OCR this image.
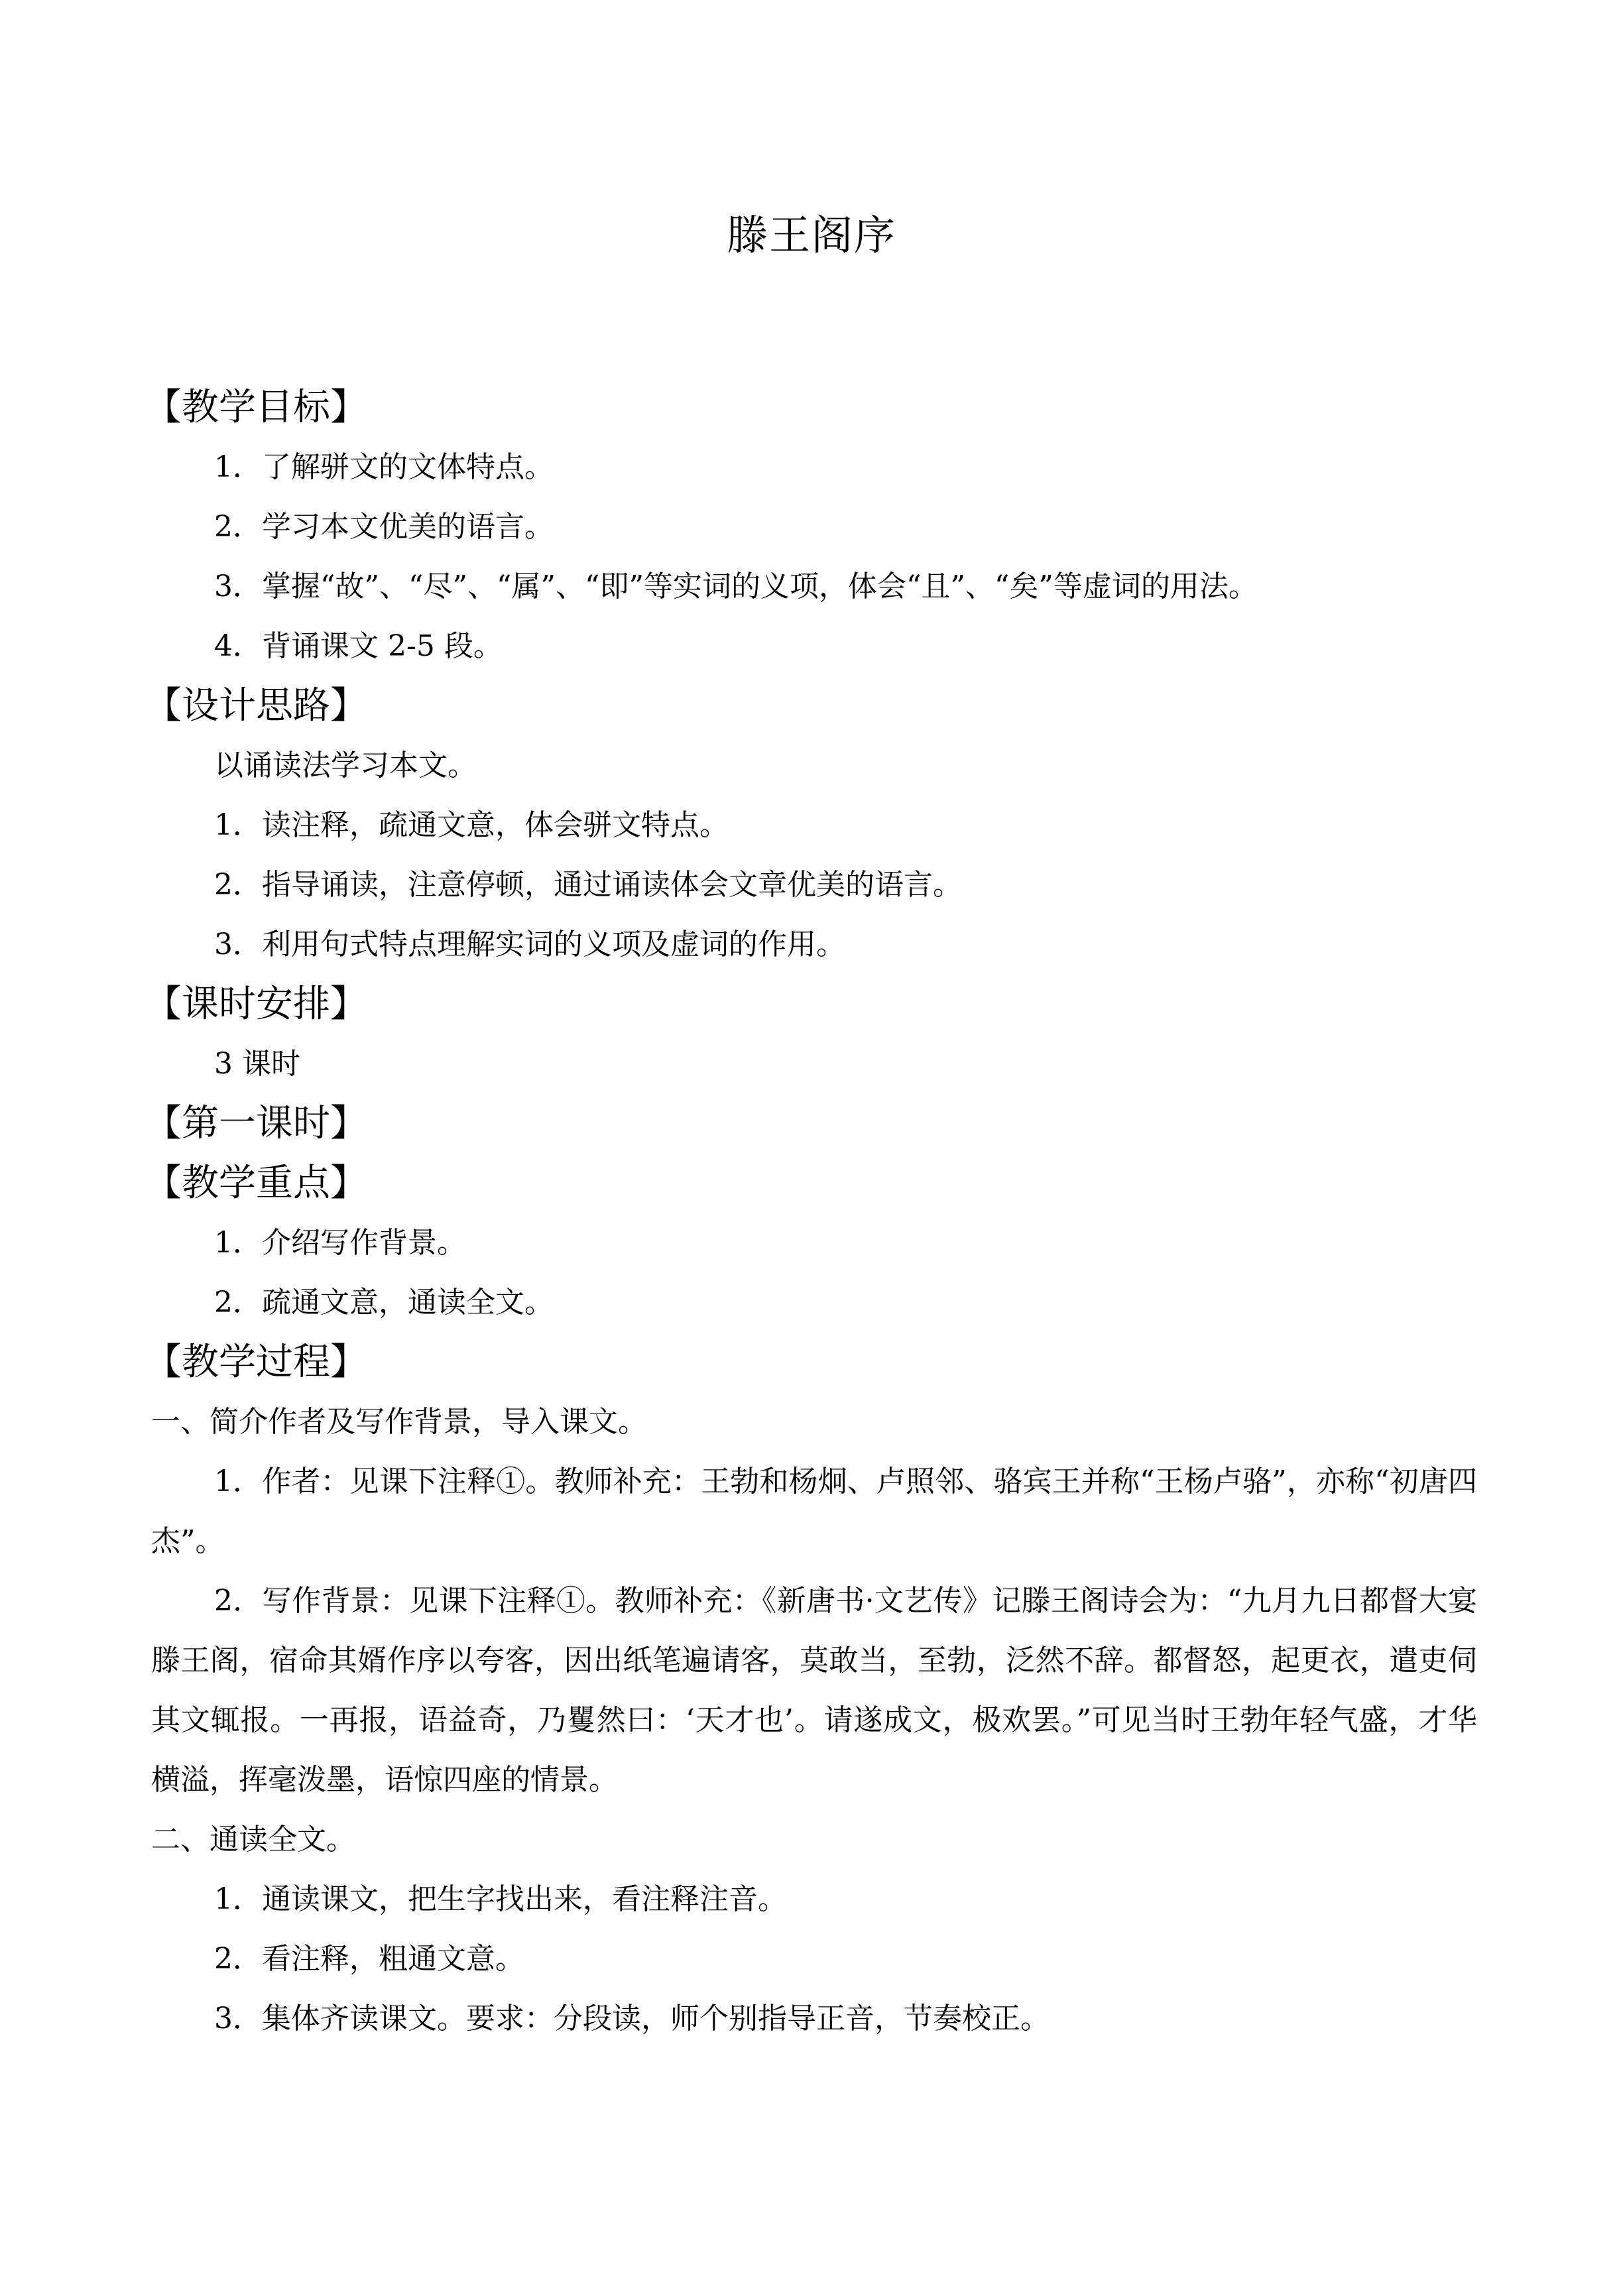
滕王阁序
【教学目标】
1．了解骈文的文体特点。
2．学习本文优美的语言。
3．掌握“故”、“尽”、“属”、“即”等实词的义项，体会“且”、“矣”等虚词的用法。
4．背诵课文 2-5 段。
【设计思路】
以诵读法学习本文。
1．读注释，疏通文意，体会骈文特点。
2．指导诵读，注意停顿，通过诵读体会文章优美的语言。
3．利用句式特点理解实词的义项及虚词的作用。
【课时安排】
3 课时
【第一课时】
【教学重点】
1．介绍写作背景。
2．疏通文意，通读全文。
【教学过程】
一、简介作者及写作背景，导入课文。
1．作者：见课下注释①。教师补充：王勃和杨炯、卢照邻、骆宾王并称“王杨卢骆”，亦称“初唐四杰”。
2．写作背景：见课下注释①。教师补充：《新唐书·文艺传》记滕王阁诗会为：“九月九日都督大宴滕王阁，宿命其婿作序以夸客，因出纸笔遍请客，莫敢当，至勃，泛然不辞。都督怒，起更衣，遣吏伺其文辄报。一再报，语益奇，乃矍然曰：‘天才也’。请遂成文，极欢罢。”可见当时王勃年轻气盛，才华横溢，挥毫泼墨，语惊四座的情景。
二、通读全文。
1．通读课文，把生字找出来，看注释注音。
2．看注释，粗通文意。
3．集体齐读课文。要求：分段读，师个别指导正音，节奏校正。
